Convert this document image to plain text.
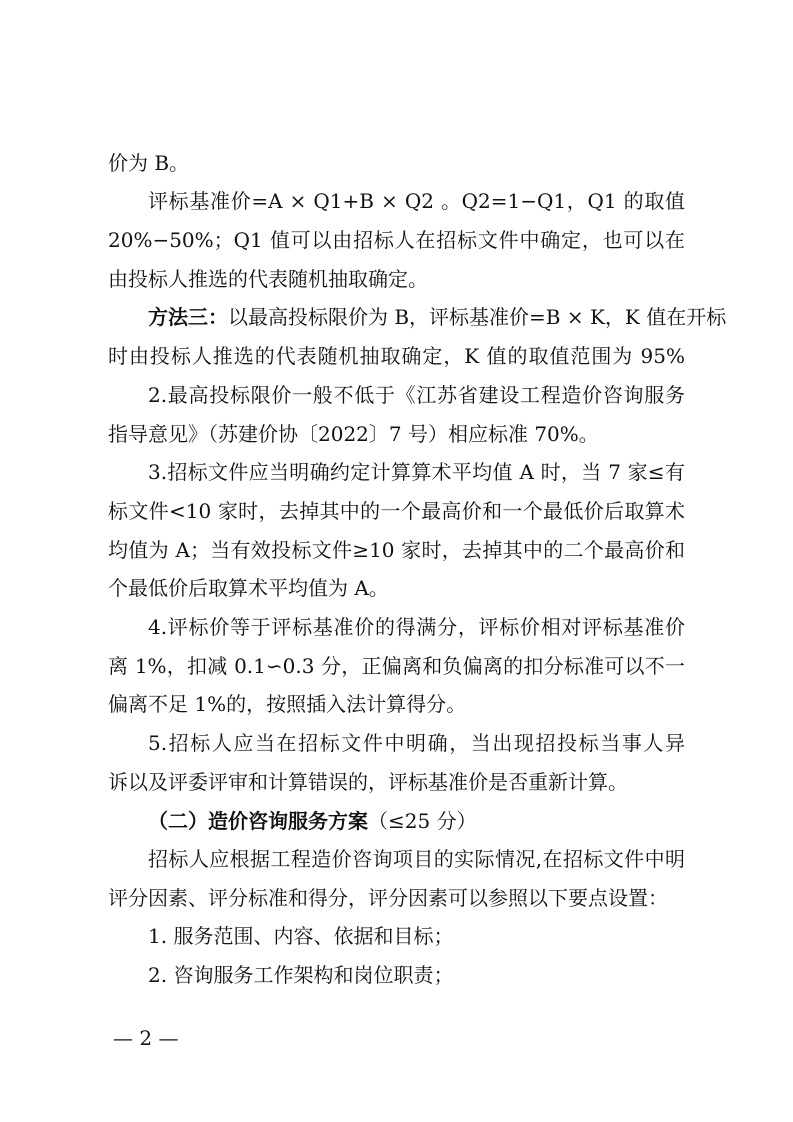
价为 B。
评标基准价=A × Q1+B × Q2 。Q2=1−Q1，Q1 的取值
20%−50%；Q1 值可以由招标人在招标文件中确定，也可以在
由投标人推选的代表随机抽取确定。
方法三：以最高投标限价为 B，评标基准价=B × K，K 值在开标
时由投标人推选的代表随机抽取确定，K 值的取值范围为 95%
2.最高投标限价一般不低于《江苏省建设工程造价咨询服务
指导意见》（苏建价协〔2022〕7 号）相应标准 70%。
3.招标文件应当明确约定计算算术平均值 A 时，当 7 家≤有
标文件<10 家时，去掉其中的一个最高价和一个最低价后取算术
均值为 A；当有效投标文件≥10 家时，去掉其中的二个最高价和
个最低价后取算术平均值为 A。
4.评标价等于评标基准价的得满分，评标价相对评标基准价
离 1%，扣减 0.1∽0.3 分，正偏离和负偏离的扣分标准可以不一
偏离不足 1%的，按照插入法计算得分。
5.招标人应当在招标文件中明确，当出现招投标当事人异
诉以及评委评审和计算错误的，评标基准价是否重新计算。
（二）造价咨询服务方案（≤25 分）
招标人应根据工程造价咨询项目的实际情况,在招标文件中明
评分因素、评分标准和得分，评分因素可以参照以下要点设置：
1. 服务范围、内容、依据和目标；
2. 咨询服务工作架构和岗位职责；
— 2 —
